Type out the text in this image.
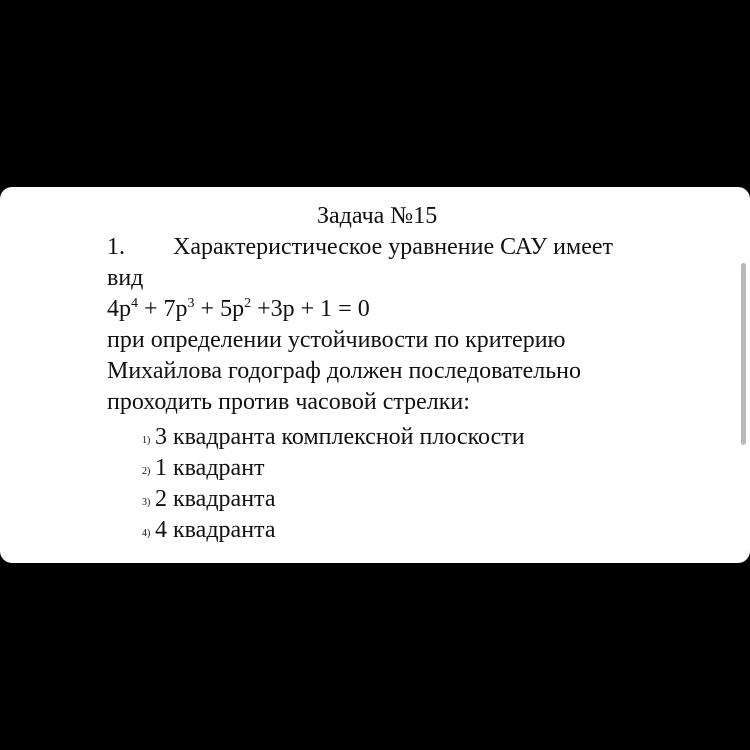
Задача №15
1. Характеристическое уравнение САУ имеет
вид
$4p^4 + 7p^3 + 5p^2 +3p + 1 = 0$
при определении устойчивости по критерию
Михайлова годограф должен последовательно
проходить против часовой стрелки:
1) 3 квадранта комплексной плоскости
2) 1 квадрант
3) 2 квадранта
4) 4 квадранта
